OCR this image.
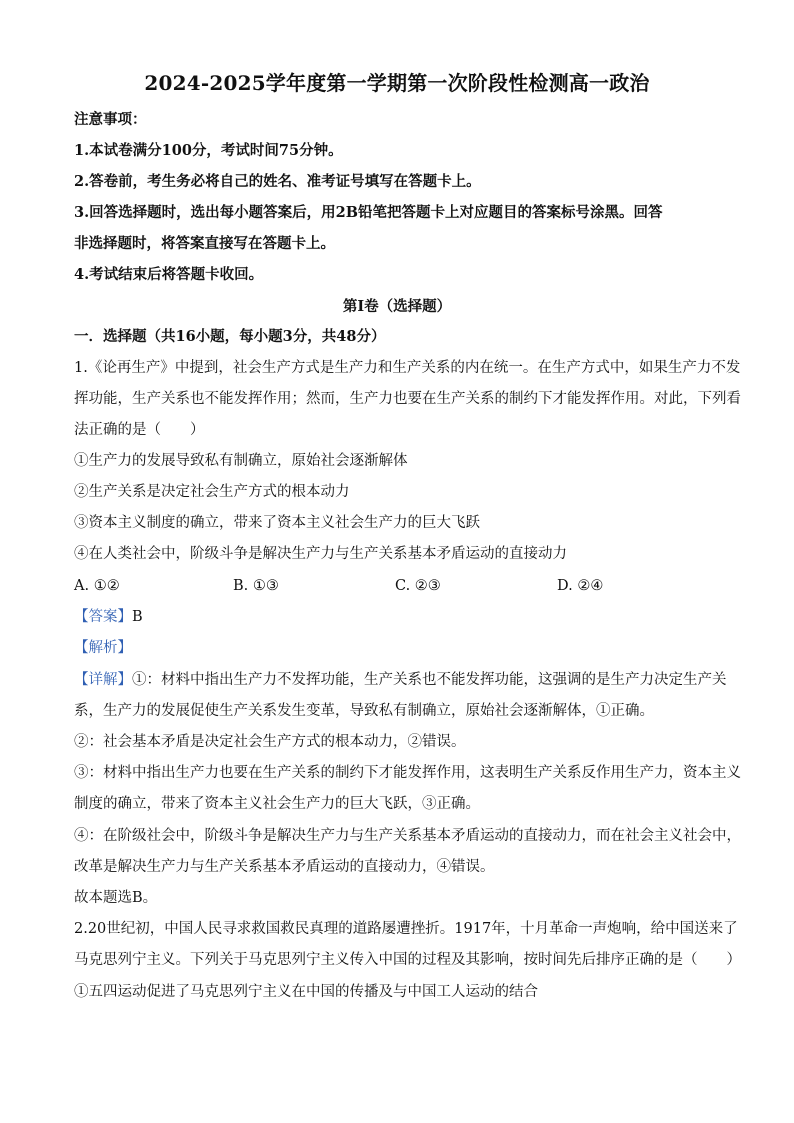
2024-2025学年度第一学期第一次阶段性检测高一政治
注意事项：
1.本试卷满分100分，考试时间75分钟。
2.答卷前，考生务必将自己的姓名、准考证号填写在答题卡上。
3.回答选择题时，选出每小题答案后，用2B铅笔把答题卡上对应题目的答案标号涂黑。回答
非选择题时，将答案直接写在答题卡上。
4.考试结束后将答题卡收回。
第Ⅰ卷（选择题）
一．选择题（共16小题，每小题3分，共48分）
1.《论再生产》中提到，社会生产方式是生产力和生产关系的内在统一。在生产方式中，如果生产力不发
挥功能，生产关系也不能发挥作用；然而，生产力也要在生产关系的制约下才能发挥作用。对此，下列看
法正确的是（　　）
①生产力的发展导致私有制确立，原始社会逐渐解体
②生产关系是决定社会生产方式的根本动力
③资本主义制度的确立，带来了资本主义社会生产力的巨大飞跃
④在人类社会中，阶级斗争是解决生产力与生产关系基本矛盾运动的直接动力
A. ①②	B. ①③	C. ②③	D. ②④
【答案】B
【解析】
【详解】①：材料中指出生产力不发挥功能，生产关系也不能发挥功能，这强调的是生产力决定生产关
系，生产力的发展促使生产关系发生变革，导致私有制确立，原始社会逐渐解体，①正确。
②：社会基本矛盾是决定社会生产方式的根本动力，②错误。
③：材料中指出生产力也要在生产关系的制约下才能发挥作用，这表明生产关系反作用生产力，资本主义
制度的确立，带来了资本主义社会生产力的巨大飞跃，③正确。
④：在阶级社会中，阶级斗争是解决生产力与生产关系基本矛盾运动的直接动力，而在社会主义社会中，
改革是解决生产力与生产关系基本矛盾运动的直接动力，④错误。
故本题选B。
2.20世纪初，中国人民寻求救国救民真理的道路屡遭挫折。1917年，十月革命一声炮响，给中国送来了
马克思列宁主义。下列关于马克思列宁主义传入中国的过程及其影响，按时间先后排序正确的是（　　）
①五四运动促进了马克思列宁主义在中国的传播及与中国工人运动的结合
